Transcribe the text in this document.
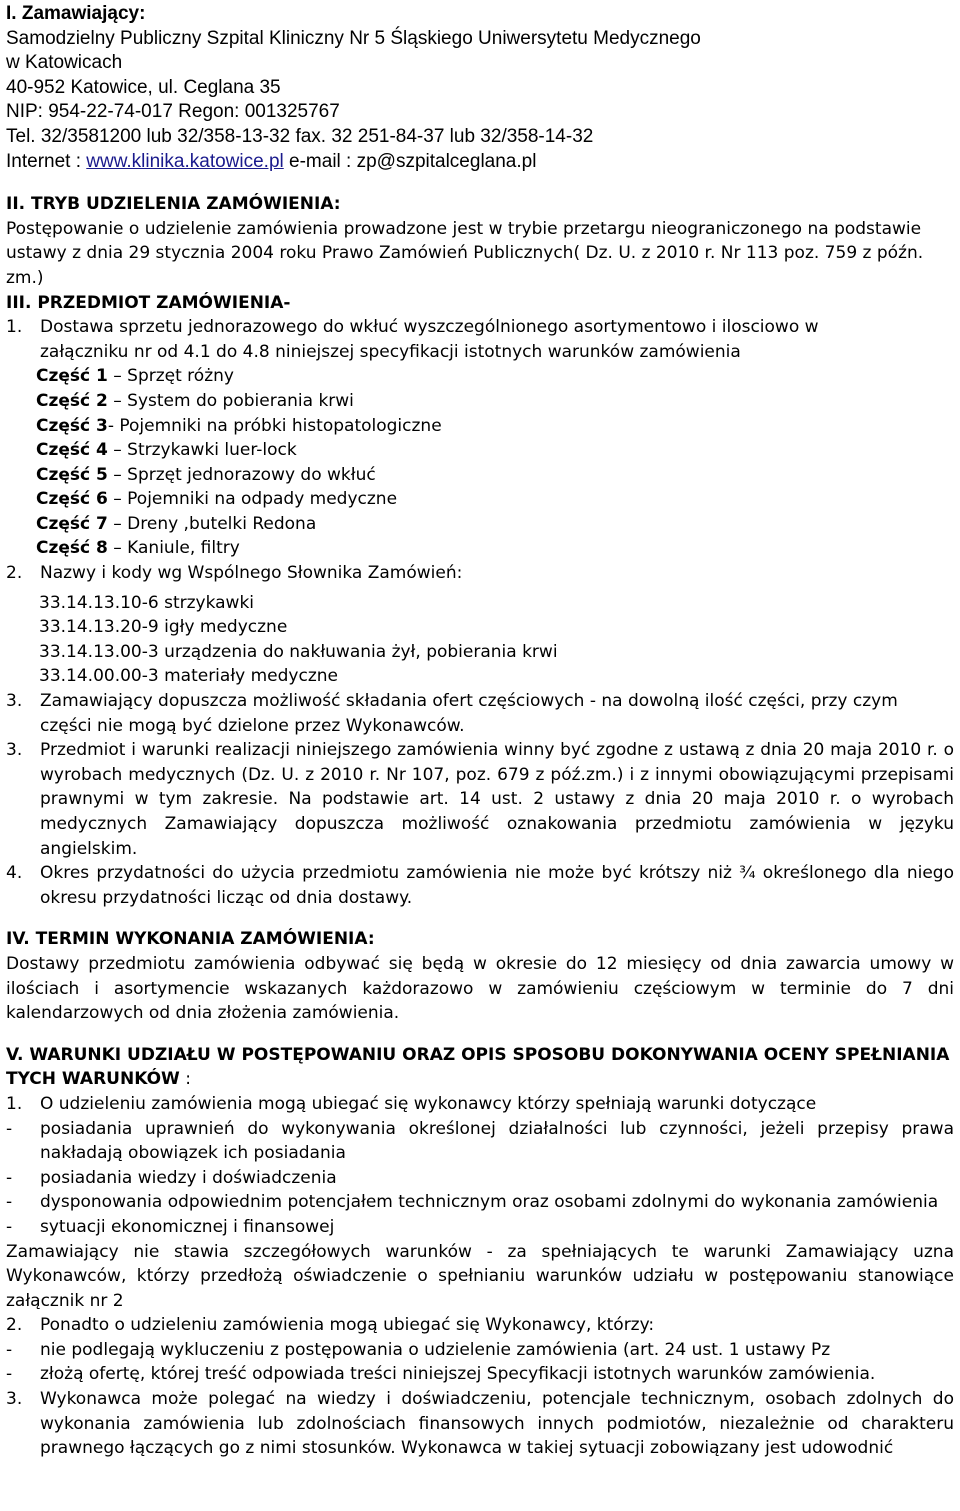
I. Zamawiający:

Samodzielny Publiczny Szpital Kliniczny Nr 5 Śląskiego Uniwersytetu Medycznego

w Katowicach

40-952 Katowice, ul. Ceglana 35

NIP: 954-22-74-017 Regon: 001325767

Tel. 32/3581200 lub 32/358-13-32 fax. 32 251-84-37 lub 32/358-14-32

Internet : www.klinika.katowice.pl e-mail : zp@szpitalceglana.pl

II. TRYB UDZIELENIA ZAMÓWIENIA:

Postępowanie o udzielenie zamówienia prowadzone jest w trybie przetargu nieograniczonego na podstawie ustawy z dnia 29 stycznia 2004 roku Prawo Zamówień Publicznych( Dz. U. z 2010 r. Nr 113 poz. 759 z późn. zm.)

III. PRZEDMIOT ZAMÓWIENIA-

1.	Dostawa sprzetu jednorazowego do wkłuć wyszczególnionego asortymentowo i ilosciowo w

załączniku nr od 4.1 do 4.8 niniejszej specyfikacji istotnych warunków zamówienia

Część 1 – Sprzęt różny

Część 2 – System do pobierania krwi

Część 3- Pojemniki na próbki histopatologiczne

Część 4 – Strzykawki luer-lock

Część 5 – Sprzęt jednorazowy do wkłuć

Część 6 – Pojemniki na odpady medyczne

Część 7 – Dreny ,butelki Redona

Część 8 – Kaniule, filtry

2.	Nazwy i kody wg Wspólnego Słownika Zamówień:

33.14.13.10-6 strzykawki

33.14.13.20-9 igły medyczne

33.14.13.00-3 urządzenia do nakłuwania żył, pobierania krwi

33.14.00.00-3 materiały medyczne

3.	Zamawiający dopuszcza możliwość składania ofert częściowych - na dowolną ilość części, przy czym części nie mogą być dzielone przez Wykonawców.
3.	Przedmiot i warunki realizacji niniejszego zamówienia winny być zgodne z ustawą z dnia 20 maja 2010 r. o wyrobach medycznych (Dz. U. z 2010 r. Nr 107, poz. 679 z póź.zm.) i z innymi obowiązującymi przepisami prawnymi w tym zakresie. Na podstawie art. 14 ust. 2 ustawy z dnia 20 maja 2010 r. o wyrobach medycznych Zamawiający dopuszcza możliwość oznakowania przedmiotu zamówienia w języku angielskim.
4.	Okres przydatności do użycia przedmiotu zamówienia nie może być krótszy niż ¾ określonego dla niego okresu przydatności licząc od dnia dostawy.

IV. TERMIN WYKONANIA ZAMÓWIENIA:

Dostawy przedmiotu zamówienia odbywać się będą w okresie do 12 miesięcy od dnia zawarcia umowy w ilościach i asortymencie wskazanych każdorazowo w zamówieniu częściowym w terminie do 7 dni kalendarzowych od dnia złożenia zamówienia.

V. WARUNKI UDZIAŁU W POSTĘPOWANIU ORAZ OPIS SPOSOBU DOKONYWANIA OCENY SPEŁNIANIA TYCH WARUNKÓW :

1.	O udzieleniu zamówienia mogą ubiegać się wykonawcy którzy spełniają warunki dotyczące
-	posiadania uprawnień do wykonywania określonej działalności lub czynności, jeżeli przepisy prawa nakładają obowiązek ich posiadania
-	posiadania wiedzy i doświadczenia
-	dysponowania odpowiednim potencjałem technicznym oraz osobami zdolnymi do wykonania zamówienia
-	sytuacji ekonomicznej i finansowej

Zamawiający nie stawia szczegółowych warunków - za spełniających te warunki Zamawiający uzna Wykonawców, którzy przedłożą oświadczenie o spełnianiu warunków udziału w postępowaniu stanowiące załącznik nr 2

2.	Ponadto o udzieleniu zamówienia mogą ubiegać się Wykonawcy, którzy:
-	nie podlegają wykluczeniu z postępowania o udzielenie zamówienia (art. 24 ust. 1 ustawy Pz
-	złożą ofertę, której treść odpowiada treści niniejszej Specyfikacji istotnych warunków zamówienia.
3.	Wykonawca może polegać na wiedzy i doświadczeniu, potencjale technicznym, osobach zdolnych do wykonania zamówienia lub zdolnościach finansowych innych podmiotów, niezależnie od charakteru prawnego łączących go z nimi stosunków. Wykonawca w takiej sytuacji zobowiązany jest udowodnić
